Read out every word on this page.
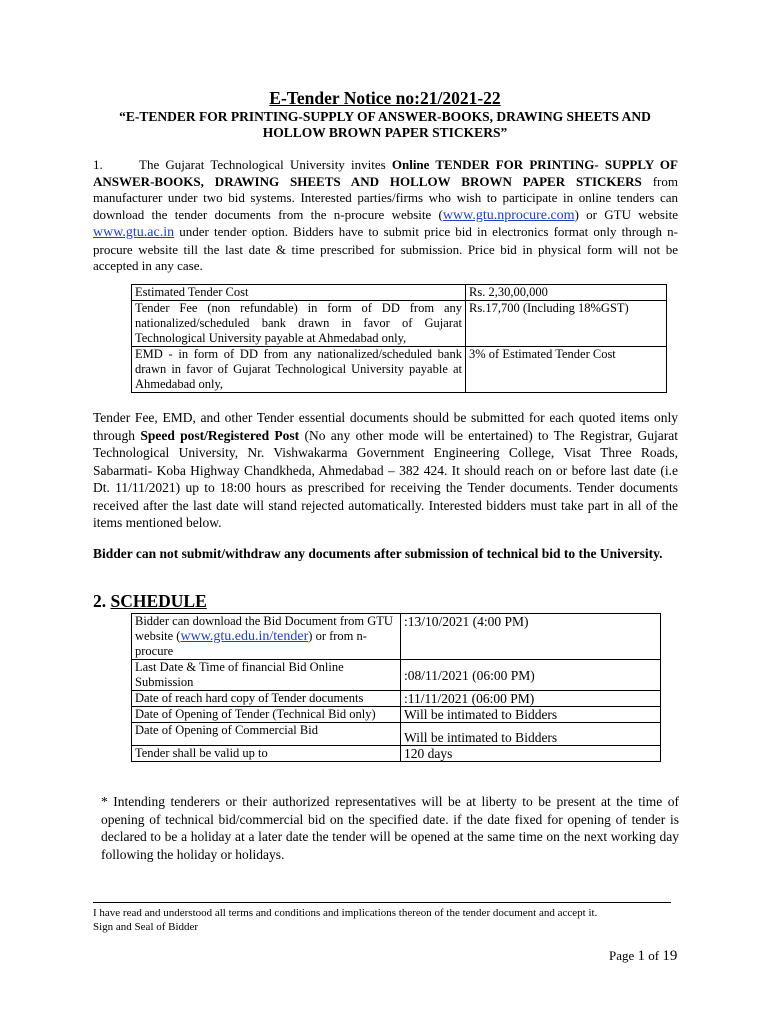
E-Tender Notice no:21/2021-22
“E-TENDER FOR PRINTING-SUPPLY OF ANSWER-BOOKS, DRAWING SHEETS AND HOLLOW BROWN PAPER STICKERS”
1.	The Gujarat Technological University invites Online TENDER FOR PRINTING- SUPPLY OF ANSWER-BOOKS, DRAWING SHEETS AND HOLLOW BROWN PAPER STICKERS from manufacturer under two bid systems. Interested parties/firms who wish to participate in online tenders can download the tender documents from the n-procure website (www.gtu.nprocure.com) or GTU website www.gtu.ac.in under tender option. Bidders have to submit price bid in electronics format only through n-procure website till the last date & time prescribed for submission. Price bid in physical form will not be accepted in any case.
Estimated Tender Cost	Rs. 2,30,00,000
Tender Fee (non refundable) in form of DD from any nationalized/scheduled bank drawn in favor of Gujarat Technological University payable at Ahmedabad only,	Rs.17,700 (Including 18%GST)
EMD - in form of DD from any nationalized/scheduled bank drawn in favor of Gujarat Technological University payable at Ahmedabad only,	3% of Estimated Tender Cost
Tender Fee, EMD, and other Tender essential documents should be submitted for each quoted items only through Speed post/Registered Post (No any other mode will be entertained) to The Registrar, Gujarat Technological University, Nr. Vishwakarma Government Engineering College, Visat Three Roads, Sabarmati- Koba Highway Chandkheda, Ahmedabad – 382 424. It should reach on or before last date (i.e Dt. 11/11/2021) up to 18:00 hours as prescribed for receiving the Tender documents. Tender documents received after the last date will stand rejected automatically. Interested bidders must take part in all of the items mentioned below.
Bidder can not submit/withdraw any documents after submission of technical bid to the University.
2. SCHEDULE
Bidder can download the Bid Document from GTU website (www.gtu.edu.in/tender) or from n-procure	:13/10/2021 (4:00 PM)
Last Date & Time of financial Bid Online Submission	:08/11/2021 (06:00 PM)
Date of reach hard copy of Tender documents	:11/11/2021 (06:00 PM)
Date of Opening of Tender (Technical Bid only)	Will be intimated to Bidders
Date of Opening of Commercial Bid	Will be intimated to Bidders
Tender shall be valid up to	120 days
* Intending tenderers or their authorized representatives will be at liberty to be present at the time of opening of technical bid/commercial bid on the specified date. if the date fixed for opening of tender is declared to be a holiday at a later date the tender will be opened at the same time on the next working day following the holiday or holidays.
I have read and understood all terms and conditions and implications thereon of the tender document and accept it.
Sign and Seal of Bidder
Page 1 of 19
